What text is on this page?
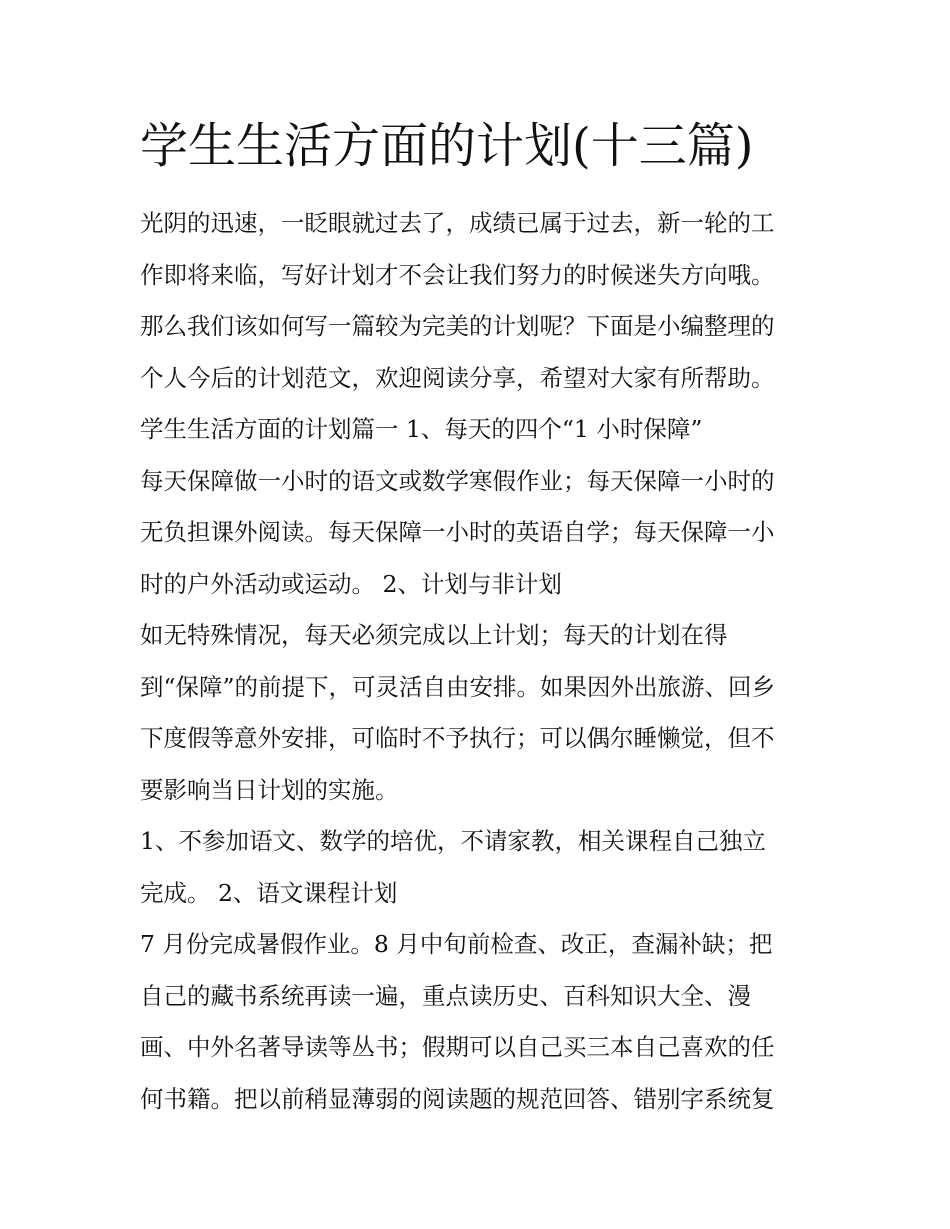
学生生活方面的计划(十三篇)
光阴的迅速，一眨眼就过去了，成绩已属于过去，新一轮的工
作即将来临，写好计划才不会让我们努力的时候迷失方向哦。
那么我们该如何写一篇较为完美的计划呢？下面是小编整理的
个人今后的计划范文，欢迎阅读分享，希望对大家有所帮助。
学生生活方面的计划篇一 1、每天的四个“1 小时保障”
每天保障做一小时的语文或数学寒假作业；每天保障一小时的
无负担课外阅读。每天保障一小时的英语自学；每天保障一小
时的户外活动或运动。 2、计划与非计划
如无特殊情况，每天必须完成以上计划；每天的计划在得
到“保障”的前提下，可灵活自由安排。如果因外出旅游、回乡
下度假等意外安排，可临时不予执行；可以偶尔睡懒觉，但不
要影响当日计划的实施。
1、不参加语文、数学的培优，不请家教，相关课程自己独立
完成。 2、语文课程计划
7 月份完成暑假作业。8 月中旬前检查、改正，查漏补缺；把
自己的藏书系统再读一遍，重点读历史、百科知识大全、漫
画、中外名著导读等丛书；假期可以自己买三本自己喜欢的任
何书籍。把以前稍显薄弱的阅读题的规范回答、错别字系统复
